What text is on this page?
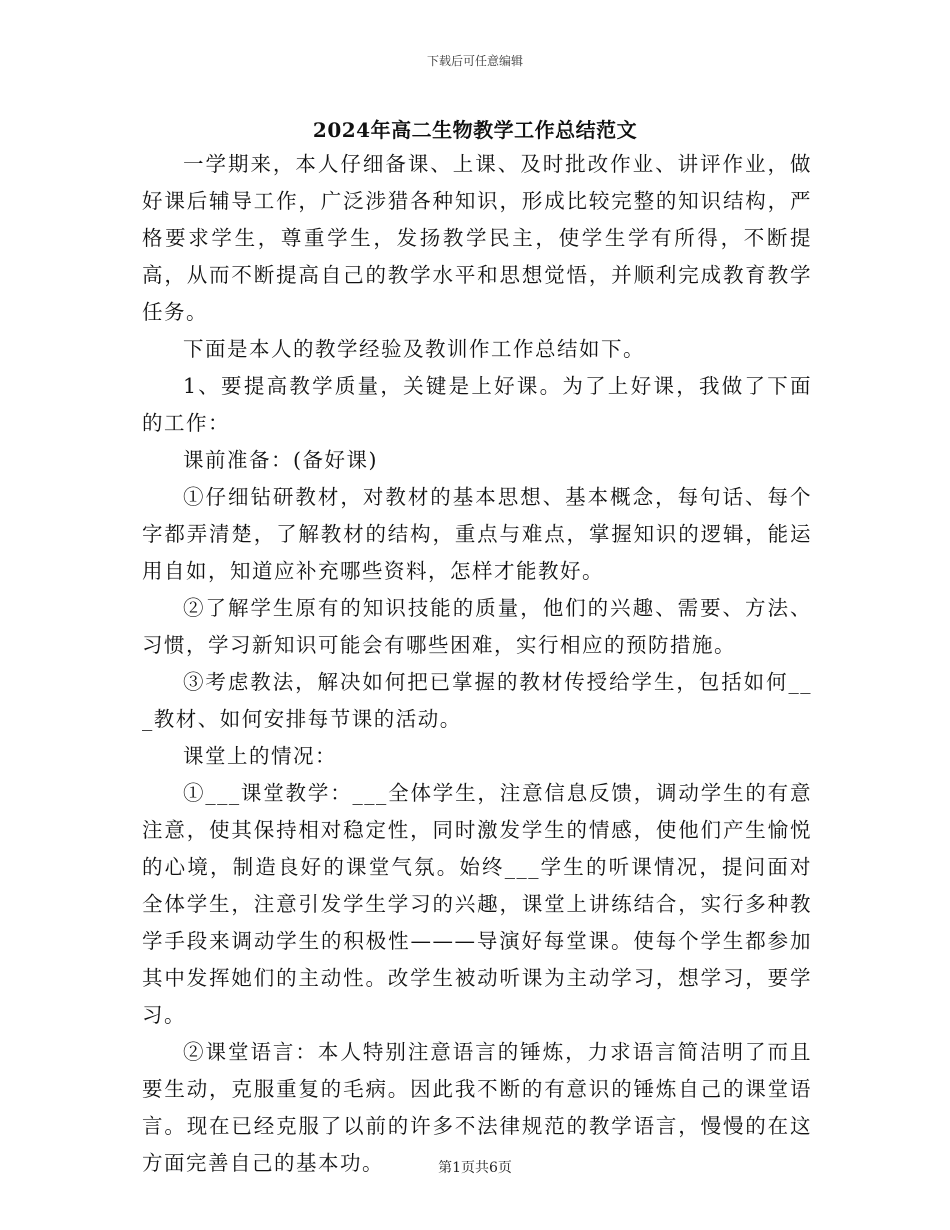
下载后可任意编辑
2024年高二生物教学工作总结范文

一学期来，本人仔细备课、上课、及时批改作业、讲评作业，做好课后辅导工作，广泛涉猎各种知识，形成比较完整的知识结构，严格要求学生，尊重学生，发扬教学民主，使学生学有所得，不断提高，从而不断提高自己的教学水平和思想觉悟，并顺利完成教育教学任务。

下面是本人的教学经验及教训作工作总结如下。

1、要提高教学质量，关键是上好课。为了上好课，我做了下面的工作：

课前准备：(备好课)

①仔细钻研教材，对教材的基本思想、基本概念，每句话、每个字都弄清楚，了解教材的结构，重点与难点，掌握知识的逻辑，能运用自如，知道应补充哪些资料，怎样才能教好。

②了解学生原有的知识技能的质量，他们的兴趣、需要、方法、习惯，学习新知识可能会有哪些困难，实行相应的预防措施。

③考虑教法，解决如何把已掌握的教材传授给学生，包括如何___教材、如何安排每节课的活动。

课堂上的情况：

①___课堂教学：___全体学生，注意信息反馈，调动学生的有意注意，使其保持相对稳定性，同时激发学生的情感，使他们产生愉悦的心境，制造良好的课堂气氛。始终___学生的听课情况，提问面对全体学生，注意引发学生学习的兴趣，课堂上讲练结合，实行多种教学手段来调动学生的积极性———导演好每堂课。使每个学生都参加其中发挥她们的主动性。改学生被动听课为主动学习，想学习，要学习。

②课堂语言：本人特别注意语言的锤炼，力求语言简洁明了而且要生动，克服重复的毛病。因此我不断的有意识的锤炼自己的课堂语言。现在已经克服了以前的许多不法律规范的教学语言，慢慢的在这方面完善自己的基本功。	第1页共6页
